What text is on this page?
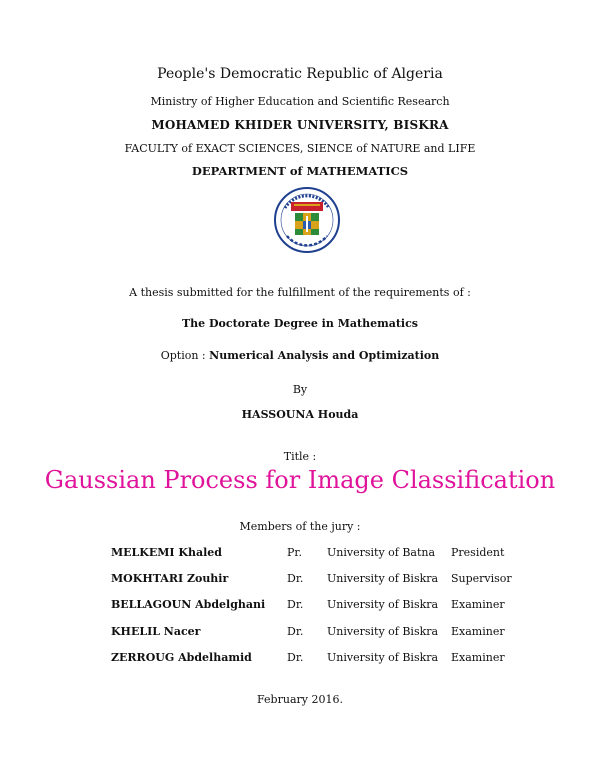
People's Democratic Republic of Algeria
Ministry of Higher Education and Scientific Research
MOHAMED KHIDER UNIVERSITY, BISKRA
FACULTY of EXACT SCIENCES, SIENCE of NATURE and LIFE
DEPARTMENT of MATHEMATICS
A thesis submitted for the fulfillment of the requirements of :
The Doctorate Degree in Mathematics
Option : Numerical Analysis and Optimization
By
HASSOUNA Houda
Title :
Gaussian Process for Image Classification
Members of the jury :
MELKEMI Khaled	Pr. University of Batna President
MOKHTARI Zouhir	Dr. University of Biskra Supervisor
BELLAGOUN Abdelghani Dr. University of Biskra Examiner
KHELIL Nacer	Dr. University of Biskra Examiner
ZERROUG Abdelhamid	Dr. University of Biskra Examiner
February 2016.
